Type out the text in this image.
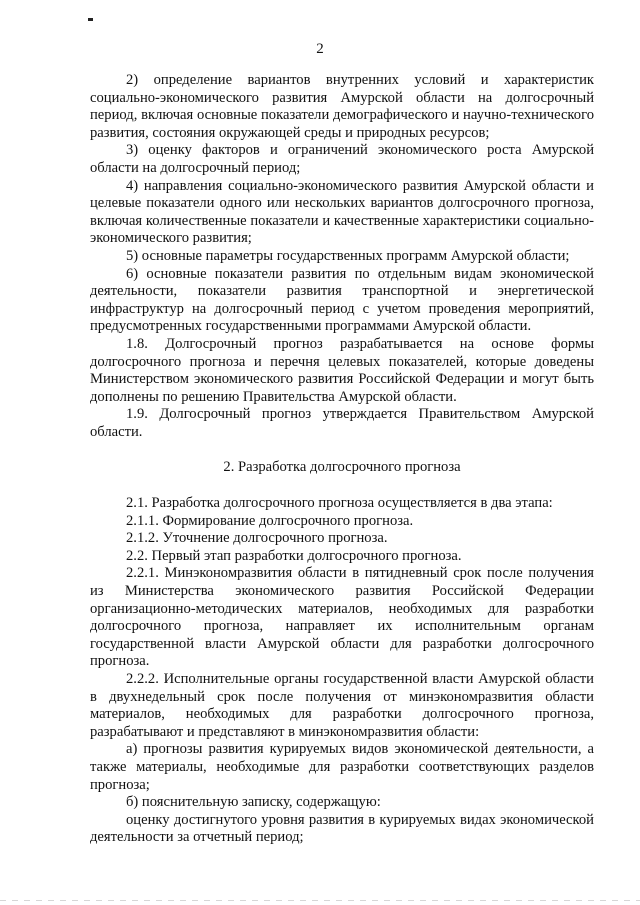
2

2) определение вариантов внутренних условий и характеристик социально-экономического развития Амурской области на долгосрочный период, включая основные показатели демографического и научно-технического развития, состояния окружающей среды и природных ресурсов;

3) оценку факторов и ограничений экономического роста Амурской области на долгосрочный период;

4) направления социально-экономического развития Амурской области и целевые показатели одного или нескольких вариантов долгосрочного прогноза, включая количественные показатели и качественные характеристики социально-экономического развития;

5) основные параметры государственных программ Амурской области;

6) основные показатели развития по отдельным видам экономической деятельности, показатели развития транспортной и энергетической инфраструктур на долгосрочный период с учетом проведения мероприятий, предусмотренных государственными программами Амурской области.

1.8. Долгосрочный прогноз разрабатывается на основе формы долгосрочного прогноза и перечня целевых показателей, которые доведены Министерством экономического развития Российской Федерации и могут быть дополнены по решению Правительства Амурской области.

1.9. Долгосрочный прогноз утверждается Правительством Амурской области.

2. Разработка долгосрочного прогноза

2.1. Разработка долгосрочного прогноза осуществляется в два этапа:

2.1.1. Формирование долгосрочного прогноза.

2.1.2. Уточнение долгосрочного прогноза.

2.2. Первый этап разработки долгосрочного прогноза.

2.2.1. Минэкономразвития области в пятидневный срок после получения из Министерства экономического развития Российской Федерации организационно-методических материалов, необходимых для разработки долгосрочного прогноза, направляет их исполнительным органам государственной власти Амурской области для разработки долгосрочного прогноза.

2.2.2. Исполнительные органы государственной власти Амурской области в двухнедельный срок после получения от минэкономразвития области материалов, необходимых для разработки долгосрочного прогноза, разрабатывают и представляют в минэкономразвития области:

а) прогнозы развития курируемых видов экономической деятельности, а также материалы, необходимые для разработки соответствующих разделов прогноза;

б) пояснительную записку, содержащую:

оценку достигнутого уровня развития в курируемых видах экономической деятельности за отчетный период;
